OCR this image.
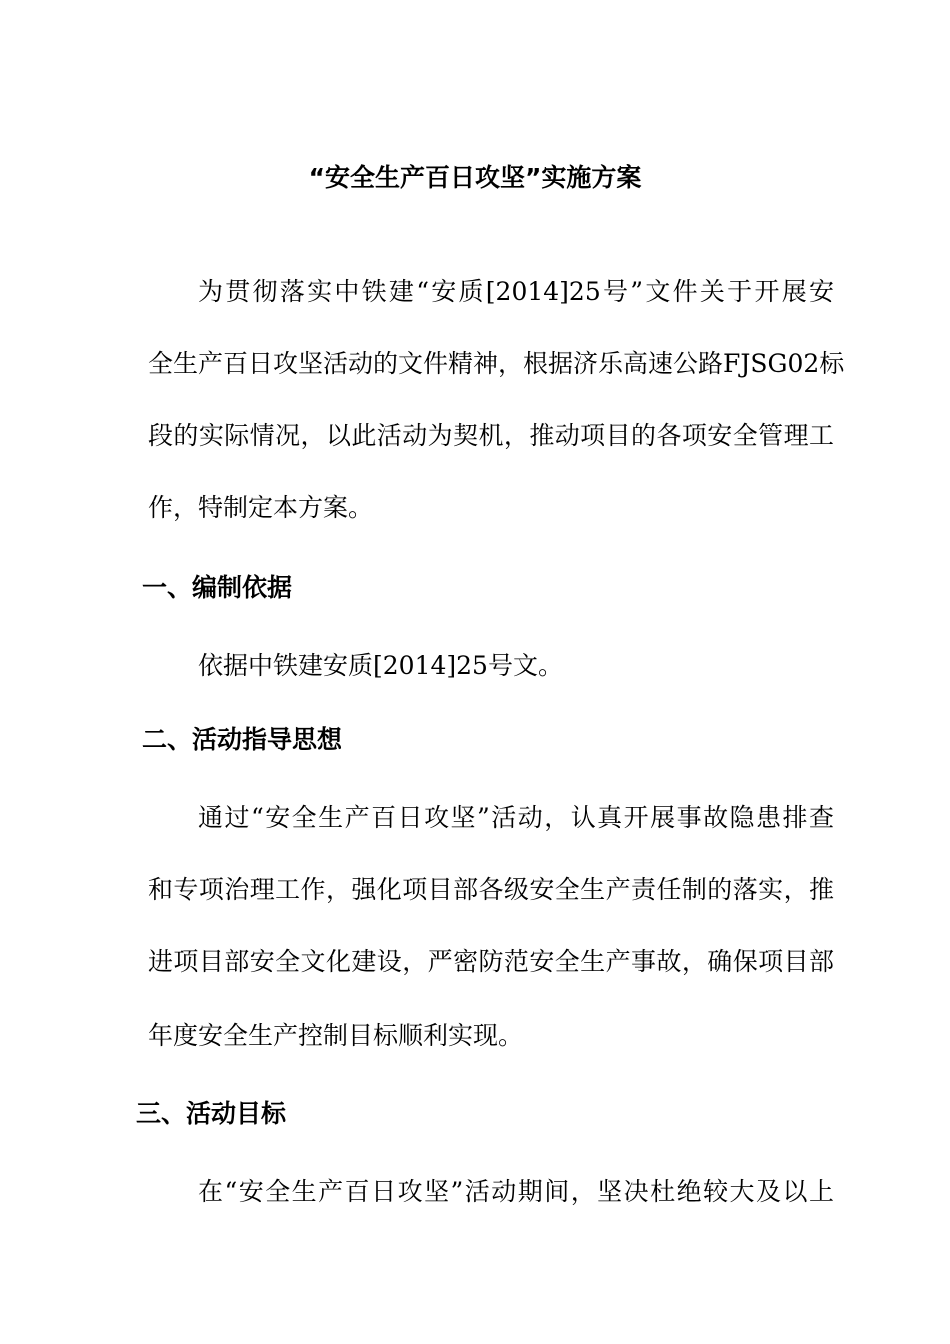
“安全生产百日攻坚”实施方案
为贯彻落实中铁建“安质[2014]25号”文件关于开展安
全生产百日攻坚活动的文件精神，根据济乐高速公路FJSG02标
段的实际情况，以此活动为契机，推动项目的各项安全管理工
作，特制定本方案。
一、编制依据
依据中铁建安质[2014]25号文。
二、活动指导思想
通过“安全生产百日攻坚”活动，认真开展事故隐患排查
和专项治理工作，强化项目部各级安全生产责任制的落实，推
进项目部安全文化建设，严密防范安全生产事故，确保项目部
年度安全生产控制目标顺利实现。
三、活动目标
在“安全生产百日攻坚”活动期间，坚决杜绝较大及以上
